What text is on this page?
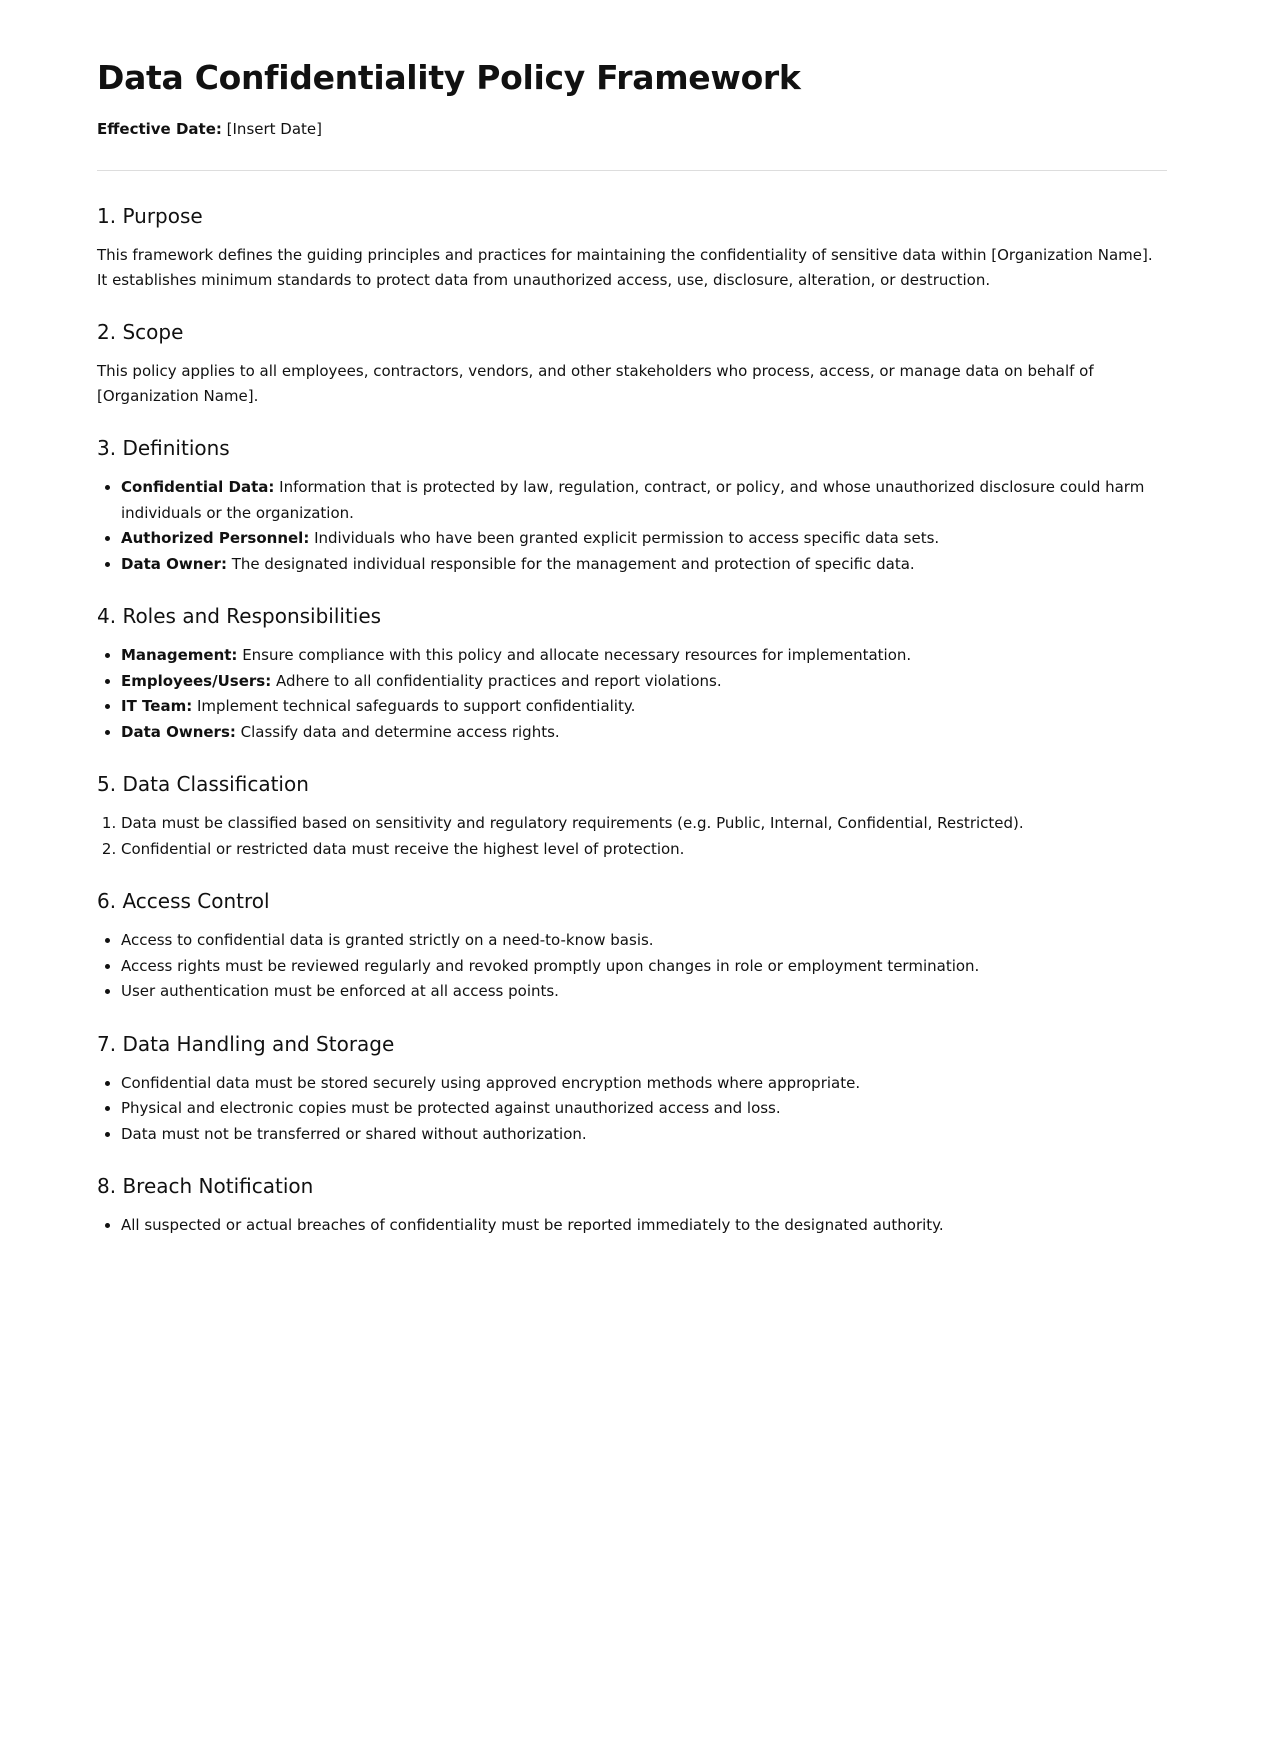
Data Confidentiality Policy Framework

Effective Date: [Insert Date]

1. Purpose

This framework defines the guiding principles and practices for maintaining the confidentiality of sensitive data within [Organization Name]. It establishes minimum standards to protect data from unauthorized access, use, disclosure, alteration, or destruction.

2. Scope

This policy applies to all employees, contractors, vendors, and other stakeholders who process, access, or manage data on behalf of [Organization Name].

3. Definitions
• Confidential Data: Information that is protected by law, regulation, contract, or policy, and whose unauthorized disclosure could harm individuals or the organization.
• Authorized Personnel: Individuals who have been granted explicit permission to access specific data sets.
• Data Owner: The designated individual responsible for the management and protection of specific data.
4. Roles and Responsibilities
• Management: Ensure compliance with this policy and allocate necessary resources for implementation.
• Employees/Users: Adhere to all confidentiality practices and report violations.
• IT Team: Implement technical safeguards to support confidentiality.
• Data Owners: Classify data and determine access rights.
5. Data Classification
1. Data must be classified based on sensitivity and regulatory requirements (e.g. Public, Internal, Confidential, Restricted).
2. Confidential or restricted data must receive the highest level of protection.
6. Access Control
• Access to confidential data is granted strictly on a need-to-know basis.
• Access rights must be reviewed regularly and revoked promptly upon changes in role or employment termination.
• User authentication must be enforced at all access points.
7. Data Handling and Storage
• Confidential data must be stored securely using approved encryption methods where appropriate.
• Physical and electronic copies must be protected against unauthorized access and loss.
• Data must not be transferred or shared without authorization.
8. Breach Notification
• All suspected or actual breaches of confidentiality must be reported immediately to the designated authority.
